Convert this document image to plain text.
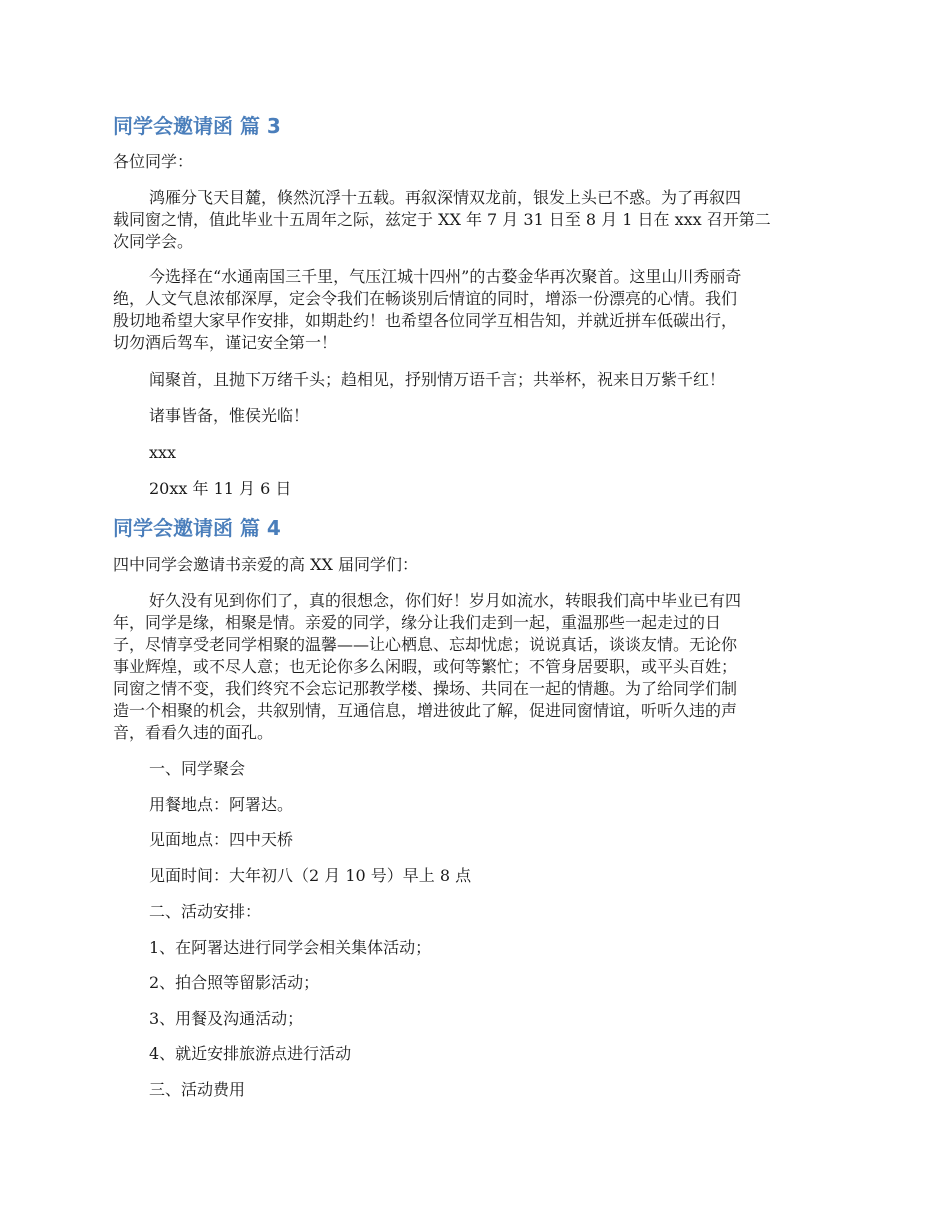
同学会邀请函 篇 3

各位同学：

鸿雁分飞天目麓，倏然沉浮十五载。再叙深情双龙前，银发上头已不惑。为了再叙四
载同窗之情，值此毕业十五周年之际，兹定于 XX 年 7 月 31 日至 8 月 1 日在 xxx 召开第二
次同学会。
今选择在“水通南国三千里，气压江城十四州”的古婺金华再次聚首。这里山川秀丽奇
绝，人文气息浓郁深厚，定会令我们在畅谈别后情谊的同时，增添一份漂亮的心情。我们
殷切地希望大家早作安排，如期赴约！也希望各位同学互相告知，并就近拼车低碳出行，
切勿酒后驾车，谨记安全第一！

闻聚首，且抛下万绪千头；趋相见，抒别情万语千言；共举杯，祝来日万紫千红！

诸事皆备，惟侯光临！

xxx

20xx 年 11 月 6 日

同学会邀请函 篇 4

四中同学会邀请书亲爱的高 XX 届同学们：

好久没有见到你们了，真的很想念，你们好！岁月如流水，转眼我们高中毕业已有四
年，同学是缘，相聚是情。亲爱的同学，缘分让我们走到一起，重温那些一起走过的日
子，尽情享受老同学相聚的温馨——让心栖息、忘却忧虑；说说真话，谈谈友情。无论你
事业辉煌，或不尽人意；也无论你多么闲暇，或何等繁忙；不管身居要职，或平头百姓；
同窗之情不变，我们终究不会忘记那教学楼、操场、共同在一起的情趣。为了给同学们制
造一个相聚的机会，共叙别情，互通信息，增进彼此了解，促进同窗情谊，听听久违的声
音，看看久违的面孔。

一、同学聚会

用餐地点：阿署达。

见面地点：四中天桥

见面时间：大年初八（2 月 10 号）早上 8 点

二、活动安排：

1、在阿署达进行同学会相关集体活动；

2、拍合照等留影活动；

3、用餐及沟通活动；

4、就近安排旅游点进行活动

三、活动费用
